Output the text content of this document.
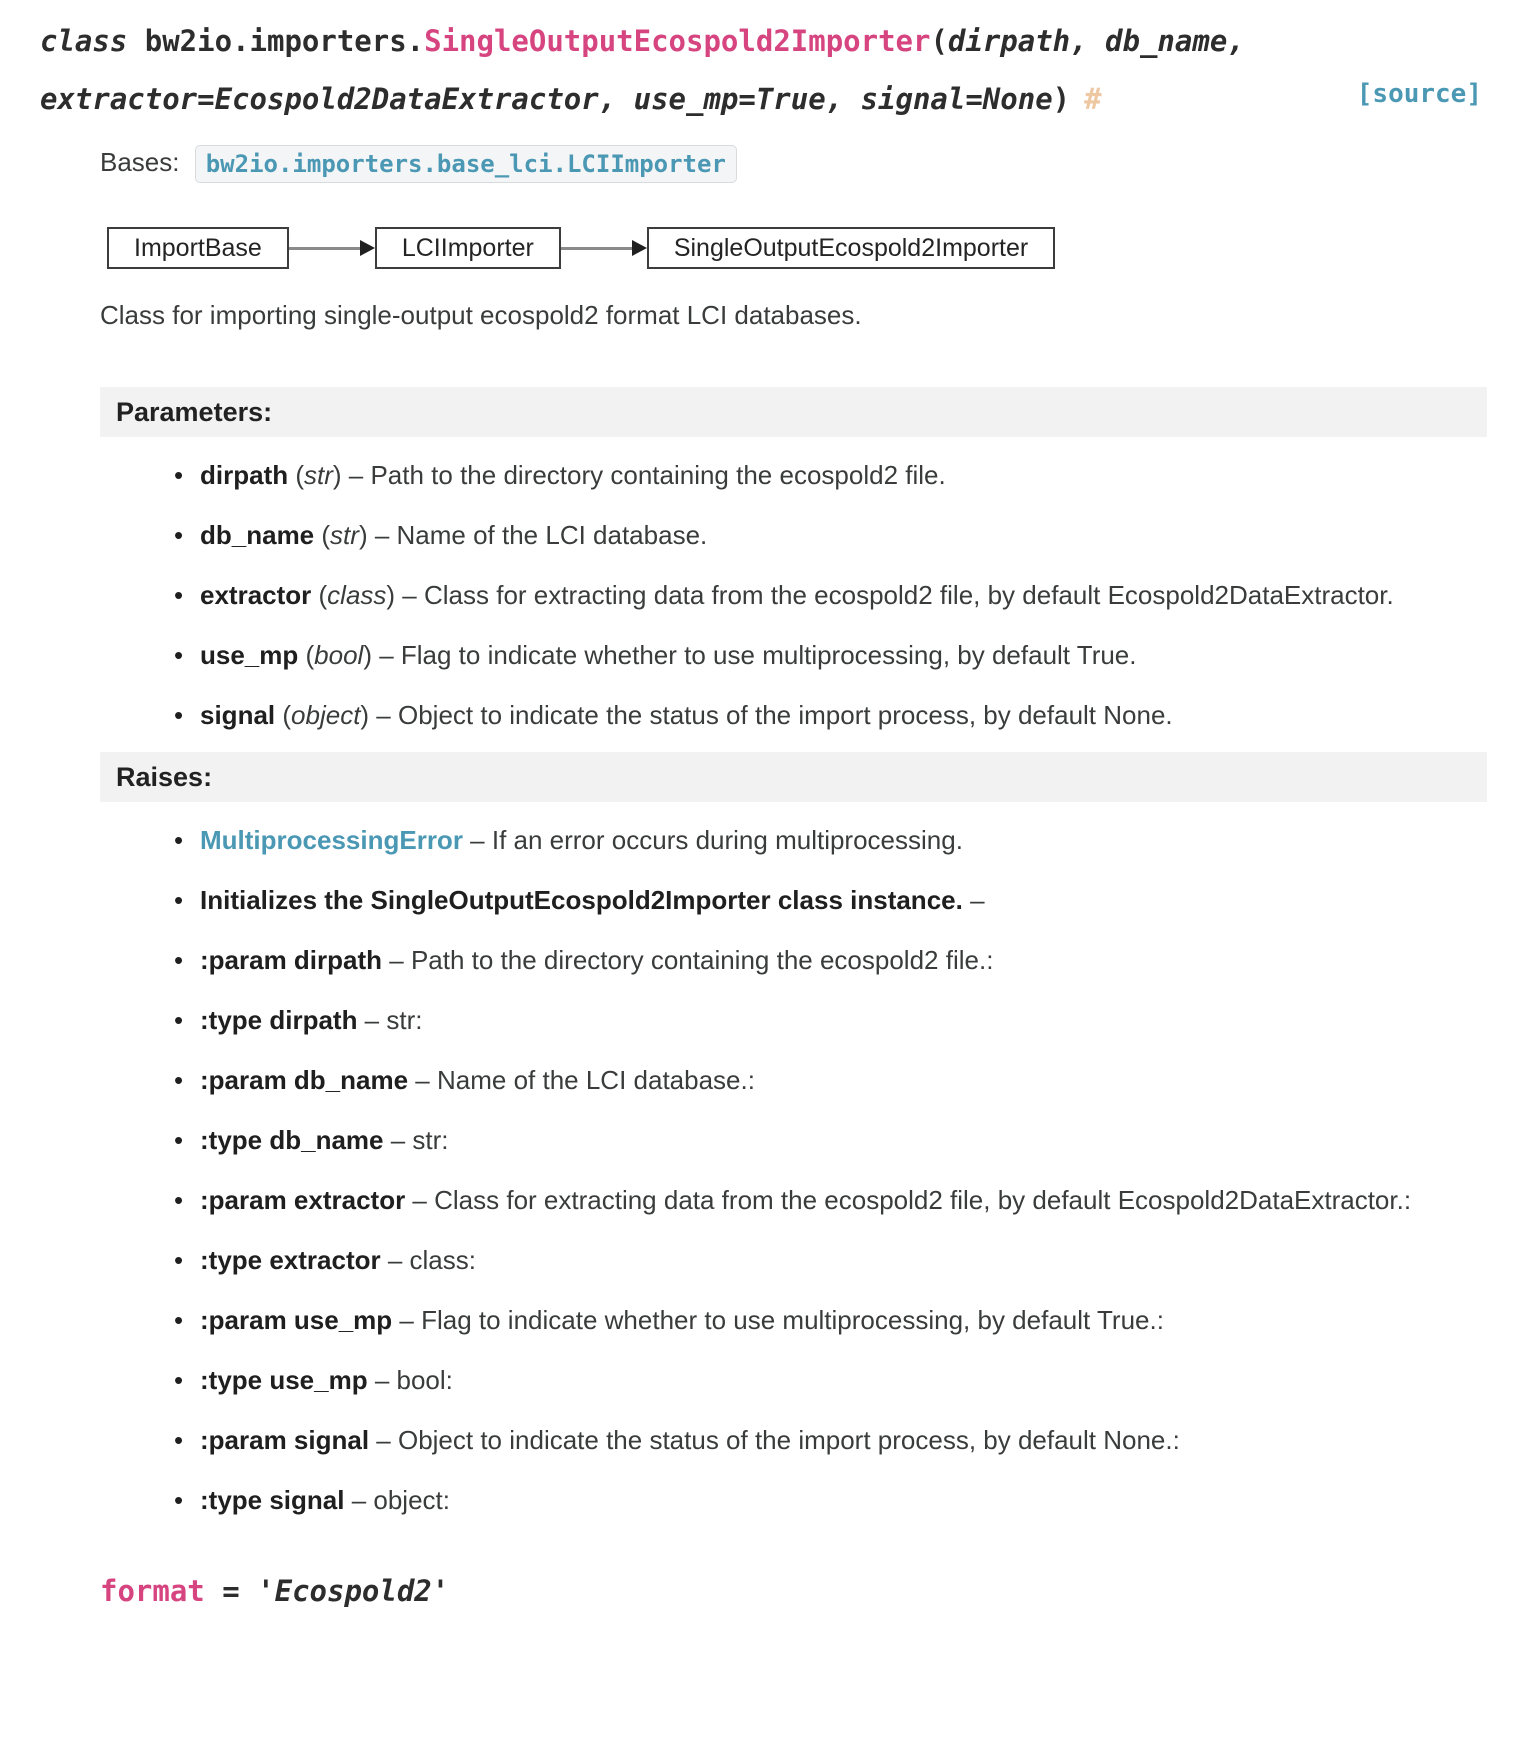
class bw2io.importers.SingleOutputEcospold2Importer(dirpath, db_name, extractor=Ecospold2DataExtractor, use_mp=True, signal=None) #	[source]
Bases: bw2io.importers.base_lci.LCIImporter
ImportBase	LCIImporter	SingleOutputEcospold2Importer

Class for importing single-output ecospold2 format LCI databases.

Parameters:
• dirpath (str) – Path to the directory containing the ecospold2 file.
• db_name (str) – Name of the LCI database.
• extractor (class) – Class for extracting data from the ecospold2 file, by default Ecospold2DataExtractor.
• use_mp (bool) – Flag to indicate whether to use multiprocessing, by default True.
• signal (object) – Object to indicate the status of the import process, by default None.
Raises:
• MultiprocessingError – If an error occurs during multiprocessing.
• Initializes the SingleOutputEcospold2Importer class instance. –
• :param dirpath – Path to the directory containing the ecospold2 file.:
• :type dirpath – str:
• :param db_name – Name of the LCI database.:
• :type db_name – str:
• :param extractor – Class for extracting data from the ecospold2 file, by default Ecospold2DataExtractor.:
• :type extractor – class:
• :param use_mp – Flag to indicate whether to use multiprocessing, by default True.:
• :type use_mp – bool:
• :param signal – Object to indicate the status of the import process, by default None.:
• :type signal – object:
format = 'Ecospold2'
